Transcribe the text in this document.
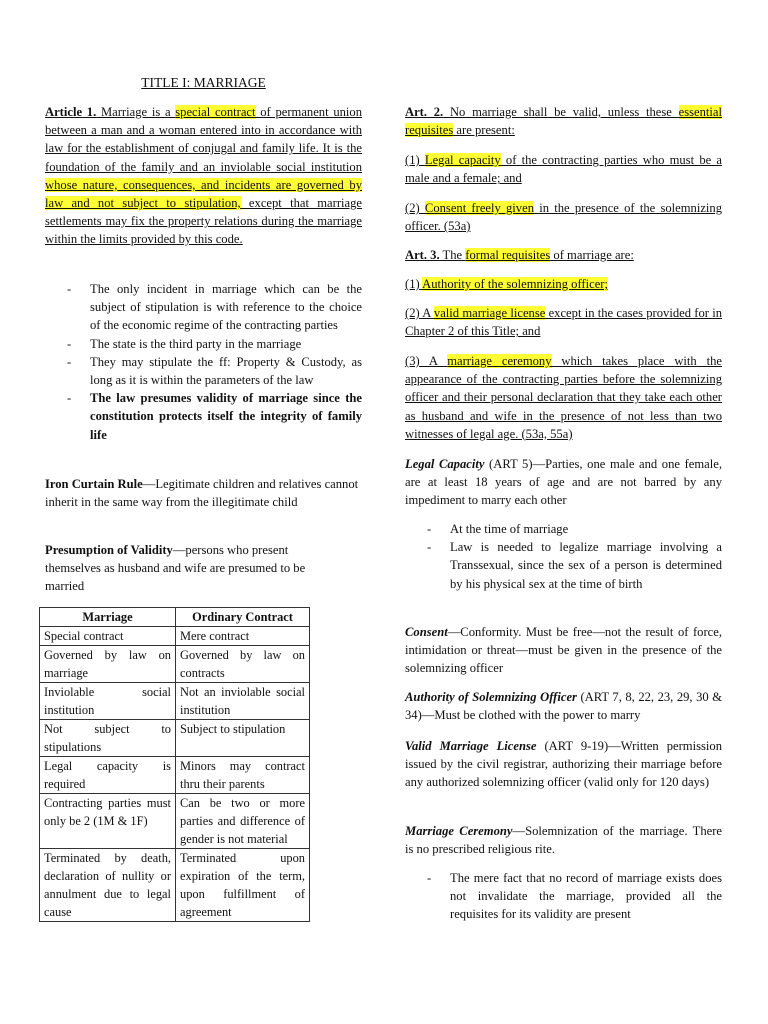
TITLE I: MARRIAGE

Article 1. Marriage is a special contract of permanent union between a man and a woman entered into in accordance with law for the establishment of conjugal and family life. It is the foundation of the family and an inviolable social institution whose nature, consequences, and incidents are governed by law and not subject to stipulation, except that marriage settlements may fix the property relations during the marriage within the limits provided by this code.

- The only incident in marriage which can be the subject of stipulation is with reference to the choice of the economic regime of the contracting parties
- The state is the third party in the marriage
- They may stipulate the ff: Property & Custody, as long as it is within the parameters of the law
- The law presumes validity of marriage since the constitution protects itself the integrity of family life

Iron Curtain Rule—Legitimate children and relatives cannot inherit in the same way from the illegitimate child

Presumption of Validity—persons who present themselves as husband and wife are presumed to be married

Marriage	Ordinary Contract
Special contract	Mere contract
Governed by law on marriage	Governed by law on contracts
Inviolable social institution	Not an inviolable social institution
Not subject to stipulations	Subject to stipulation
Legal capacity is required	Minors may contract thru their parents
Contracting parties must only be 2 (1M & 1F)	Can be two or more parties and difference of gender is not material
Terminated by death, declaration of nullity or annulment due to legal cause	Terminated upon expiration of the term, upon fulfillment of agreement

Art. 2. No marriage shall be valid, unless these essential requisites are present:

(1) Legal capacity of the contracting parties who must be a male and a female; and

(2) Consent freely given in the presence of the solemnizing officer. (53a)

Art. 3. The formal requisites of marriage are:

(1) Authority of the solemnizing officer;

(2) A valid marriage license except in the cases provided for in Chapter 2 of this Title; and

(3) A marriage ceremony which takes place with the appearance of the contracting parties before the solemnizing officer and their personal declaration that they take each other as husband and wife in the presence of not less than two witnesses of legal age. (53a, 55a)

Legal Capacity (ART 5)—Parties, one male and one female, are at least 18 years of age and are not barred by any impediment to marry each other

- At the time of marriage
- Law is needed to legalize marriage involving a Transsexual, since the sex of a person is determined by his physical sex at the time of birth

Consent—Conformity. Must be free—not the result of force, intimidation or threat—must be given in the presence of the solemnizing officer

Authority of Solemnizing Officer (ART 7, 8, 22, 23, 29, 30 & 34)—Must be clothed with the power to marry

Valid Marriage License (ART 9-19)—Written permission issued by the civil registrar, authorizing their marriage before any authorized solemnizing officer (valid only for 120 days)

Marriage Ceremony—Solemnization of the marriage. There is no prescribed religious rite.

- The mere fact that no record of marriage exists does not invalidate the marriage, provided all the requisites for its validity are present
